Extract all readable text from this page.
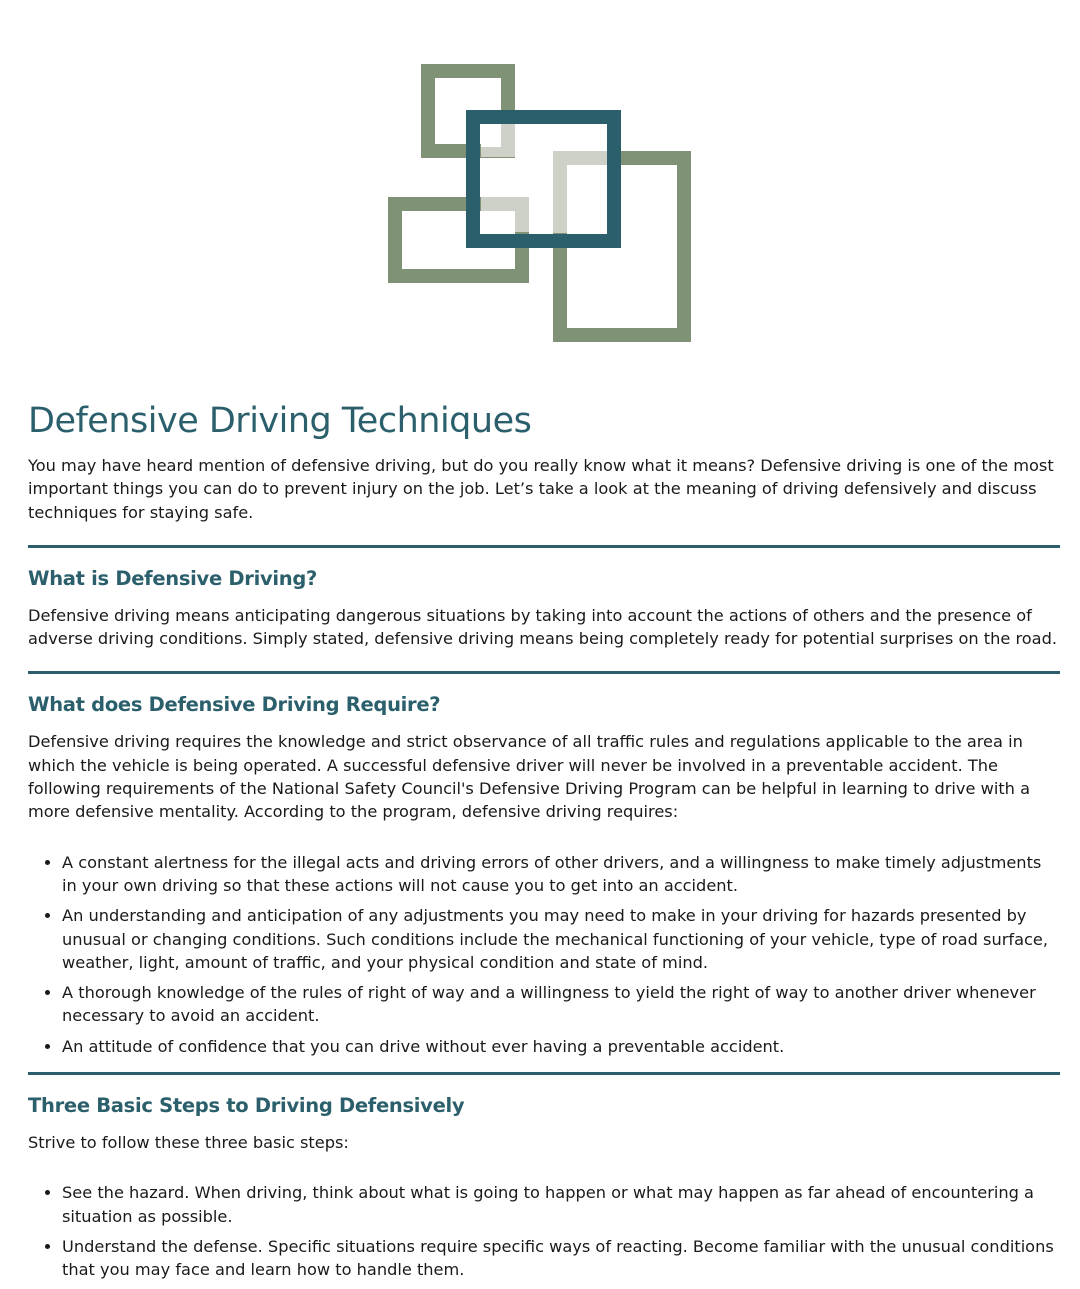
Defensive Driving Techniques

You may have heard mention of defensive driving, but do you really know what it means? Defensive driving is one of the most important things you can do to prevent injury on the job. Let’s take a look at the meaning of driving defensively and discuss techniques for staying safe.

What is Defensive Driving?

Defensive driving means anticipating dangerous situations by taking into account the actions of others and the presence of adverse driving conditions. Simply stated, defensive driving means being completely ready for potential surprises on the road.

What does Defensive Driving Require?

Defensive driving requires the knowledge and strict observance of all traffic rules and regulations applicable to the area in which the vehicle is being operated. A successful defensive driver will never be involved in a preventable accident. The following requirements of the National Safety Council's Defensive Driving Program can be helpful in learning to drive with a more defensive mentality. According to the program, defensive driving requires:

• A constant alertness for the illegal acts and driving errors of other drivers, and a willingness to make timely adjustments in your own driving so that these actions will not cause you to get into an accident.
• An understanding and anticipation of any adjustments you may need to make in your driving for hazards presented by unusual or changing conditions. Such conditions include the mechanical functioning of your vehicle, type of road surface, weather, light, amount of traffic, and your physical condition and state of mind.
• A thorough knowledge of the rules of right of way and a willingness to yield the right of way to another driver whenever necessary to avoid an accident.
• An attitude of confidence that you can drive without ever having a preventable accident.
Three Basic Steps to Driving Defensively

Strive to follow these three basic steps:

• See the hazard. When driving, think about what is going to happen or what may happen as far ahead of encountering a situation as possible.
• Understand the defense. Specific situations require specific ways of reacting. Become familiar with the unusual conditions that you may face and learn how to handle them.
